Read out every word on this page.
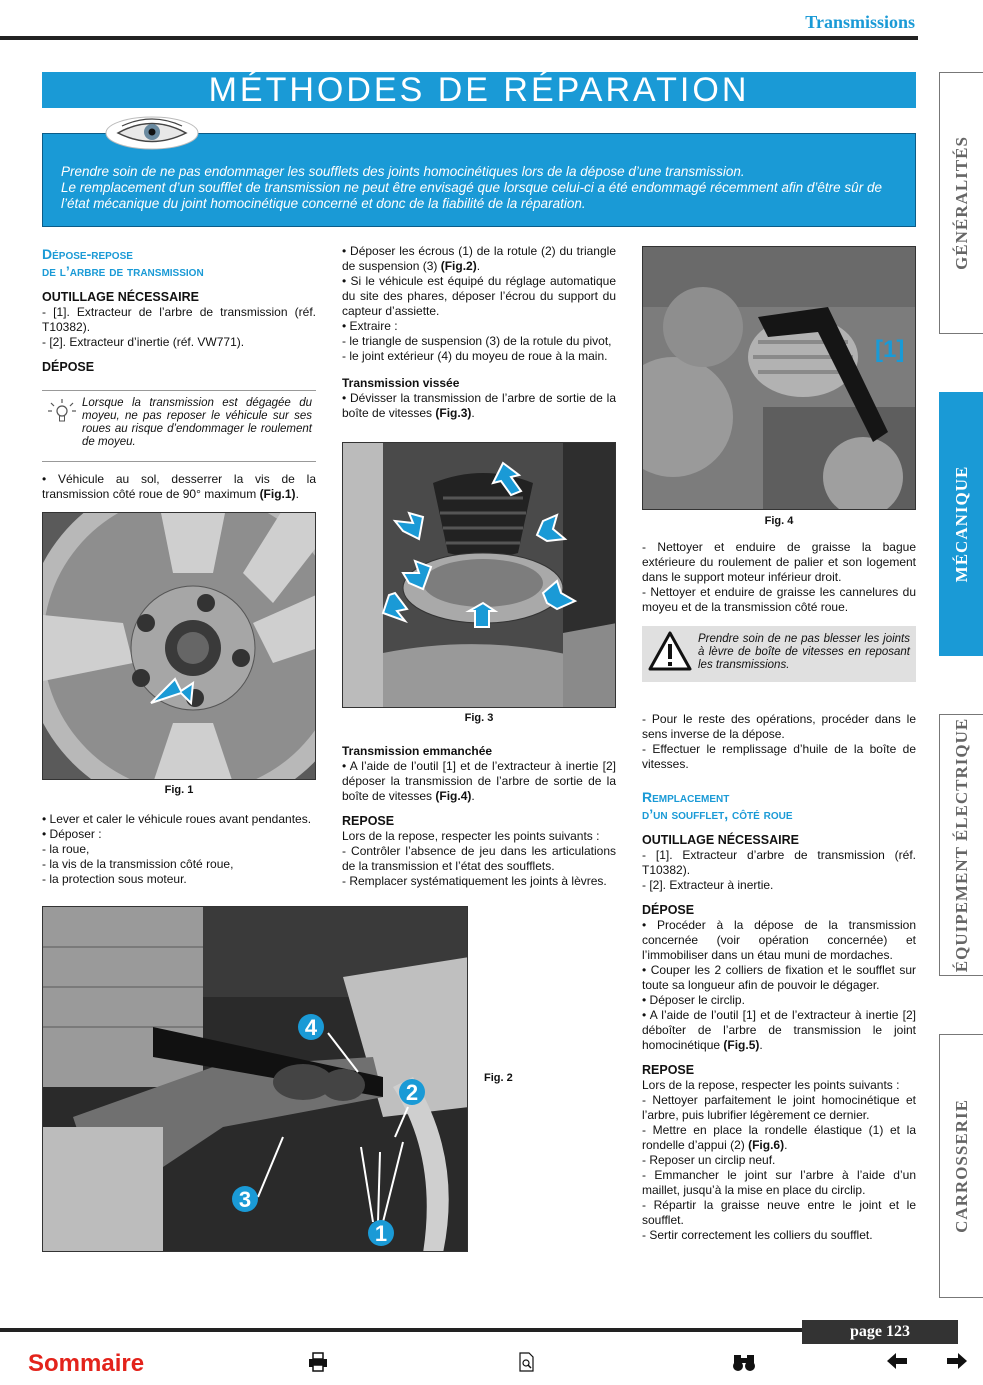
Transmissions
MÉTHODES DE RÉPARATION

Prendre soin de ne pas endommager les soufflets des joints homocinétiques lors de la dépose d’une transmission.

Le remplacement d’un soufflet de transmission ne peut être envisagé que lorsque celui-ci a été endommagé récemment afin d’être sûr de l’état mécanique du joint homocinétique concerné et donc de la fiabilité de la réparation.

Dépose-repose
de l’arbre de transmission
OUTILLAGE NÉCESSAIRE

- [1]. Extracteur de l’arbre de transmission (réf. T10382).

- [2]. Extracteur d’inertie (réf. VW771).

DÉPOSE

Lorsque la transmission est dégagée du moyeu, ne pas reposer le véhicule sur ses roues au risque d’endommager le roulement de moyeu.

• Véhicule au sol, desserrer la vis de la transmission côté roue de 90° maximum (Fig.1).
Fig. 1

• Lever et caler le véhicule roues avant pendantes.

• Déposer :

- la roue,

- la vis de la transmission côté roue,

- la protection sous moteur.

• Déposer les écrous (1) de la rotule (2) du triangle de suspension (3) (Fig.2).

• Si le véhicule est équipé du réglage automatique du site des phares, déposer l’écrou du support du capteur d’assiette.

• Extraire :

- le triangle de suspension (3) de la rotule du pivot,

- le joint extérieur (4) du moyeu de roue à la main.

Transmission vissée

• Dévisser la transmission de l’arbre de sortie de la boîte de vitesses (Fig.3).

Fig. 3
Transmission emmanchée

• A l’aide de l’outil [1] et de l’extracteur à inertie [2] déposer la transmission de l’arbre de sortie de la boîte de vitesses (Fig.4).

REPOSE

Lors de la repose, respecter les points suivants :

- Contrôler l’absence de jeu dans les articulations de la transmission et l’état des soufflets.

- Remplacer systématiquement les joints à lèvres.

4
2
3
1
Fig. 2
[1]
Fig. 4

- Nettoyer et enduire de graisse la bague extérieure du roulement de palier et son logement dans le support moteur inférieur droit.

- Nettoyer et enduire de graisse les cannelures du moyeu et de la transmission côté roue.

Prendre soin de ne pas blesser les joints à lèvre de boîte de vitesses en reposant les transmissions.

- Pour le reste des opérations, procéder dans le sens inverse de la dépose.

- Effectuer le remplissage d’huile de la boîte de vitesses.

Remplacement
d’un soufflet, côté roue
OUTILLAGE NÉCESSAIRE

- [1]. Extracteur d’arbre de transmission (réf. T10382).

- [2]. Extracteur à inertie.

DÉPOSE

• Procéder à la dépose de la transmission concernée (voir opération concernée) et l’immobiliser dans un étau muni de mordaches.

• Couper les 2 colliers de fixation et le soufflet sur toute sa longueur afin de pouvoir le dégager.

• Déposer le circlip.

• A l’aide de l’outil [1] et de l’extracteur à inertie [2] déboîter de l’arbre de transmission le joint homocinétique (Fig.5).

REPOSE

Lors de la repose, respecter les points suivants :

- Nettoyer parfaitement le joint homocinétique et l’arbre, puis lubrifier légèrement ce dernier.

- Mettre en place la rondelle élastique (1) et la rondelle d’appui (2) (Fig.6).

- Reposer un circlip neuf.

- Emmancher le joint sur l’arbre à l’aide d’un maillet, jusqu’à la mise en place du circlip.

- Répartir la graisse neuve entre le joint et le soufflet.

- Sertir correctement les colliers du soufflet.

GÉNÉRALITÉS
MÉCANIQUE
ÉQUIPEMENT ÉLECTRIQUE
CARROSSERIE
page 123
Sommaire
